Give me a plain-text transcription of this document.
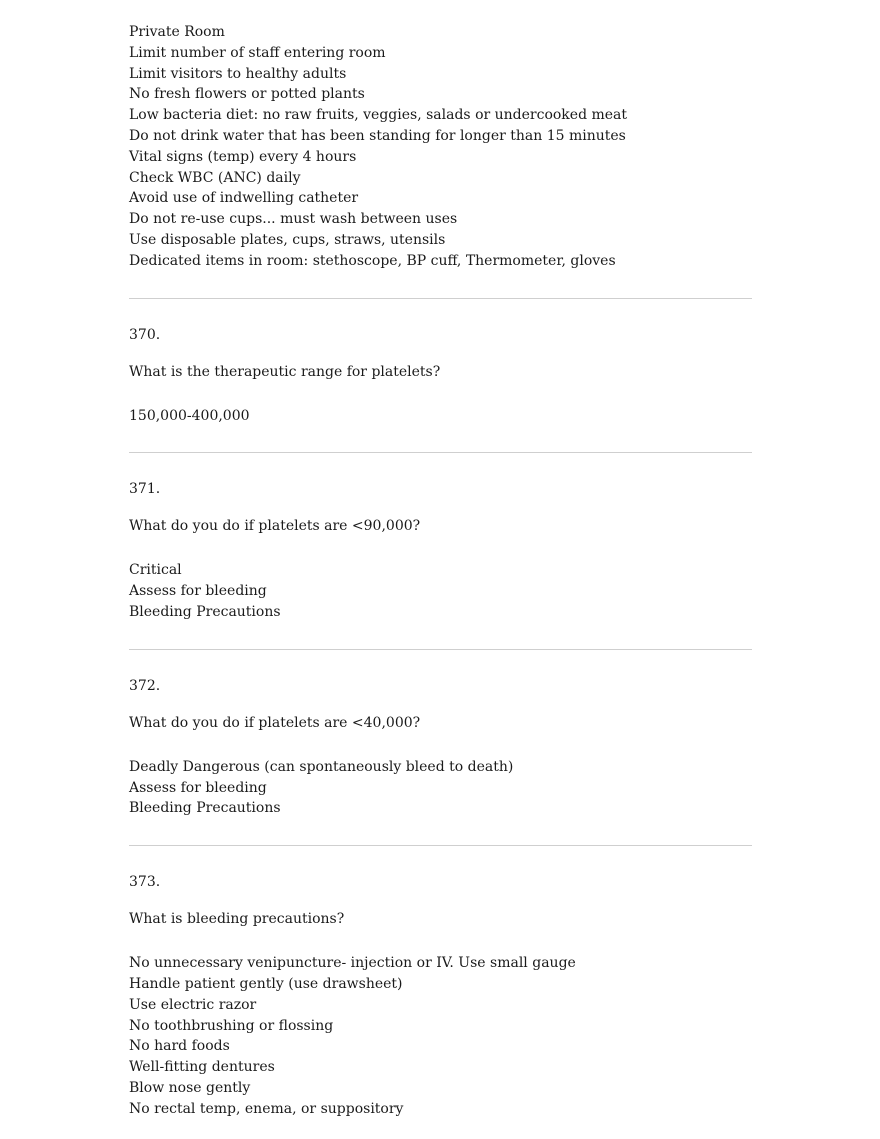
Private Room
Limit number of staff entering room
Limit visitors to healthy adults
No fresh flowers or potted plants
Low bacteria diet: no raw fruits, veggies, salads or undercooked meat
Do not drink water that has been standing for longer than 15 minutes
Vital signs (temp) every 4 hours
Check WBC (ANC) daily
Avoid use of indwelling catheter
Do not re-use cups... must wash between uses
Use disposable plates, cups, straws, utensils
Dedicated items in room: stethoscope, BP cuff, Thermometer, gloves
370.
What is the therapeutic range for platelets?
150,000-400,000
371.
What do you do if platelets are <90,000?
Critical
Assess for bleeding
Bleeding Precautions
372.
What do you do if platelets are <40,000?
Deadly Dangerous (can spontaneously bleed to death)
Assess for bleeding
Bleeding Precautions
373.
What is bleeding precautions?
No unnecessary venipuncture- injection or IV. Use small gauge
Handle patient gently (use drawsheet)
Use electric razor
No toothbrushing or flossing
No hard foods
Well-fitting dentures
Blow nose gently
No rectal temp, enema, or suppository
